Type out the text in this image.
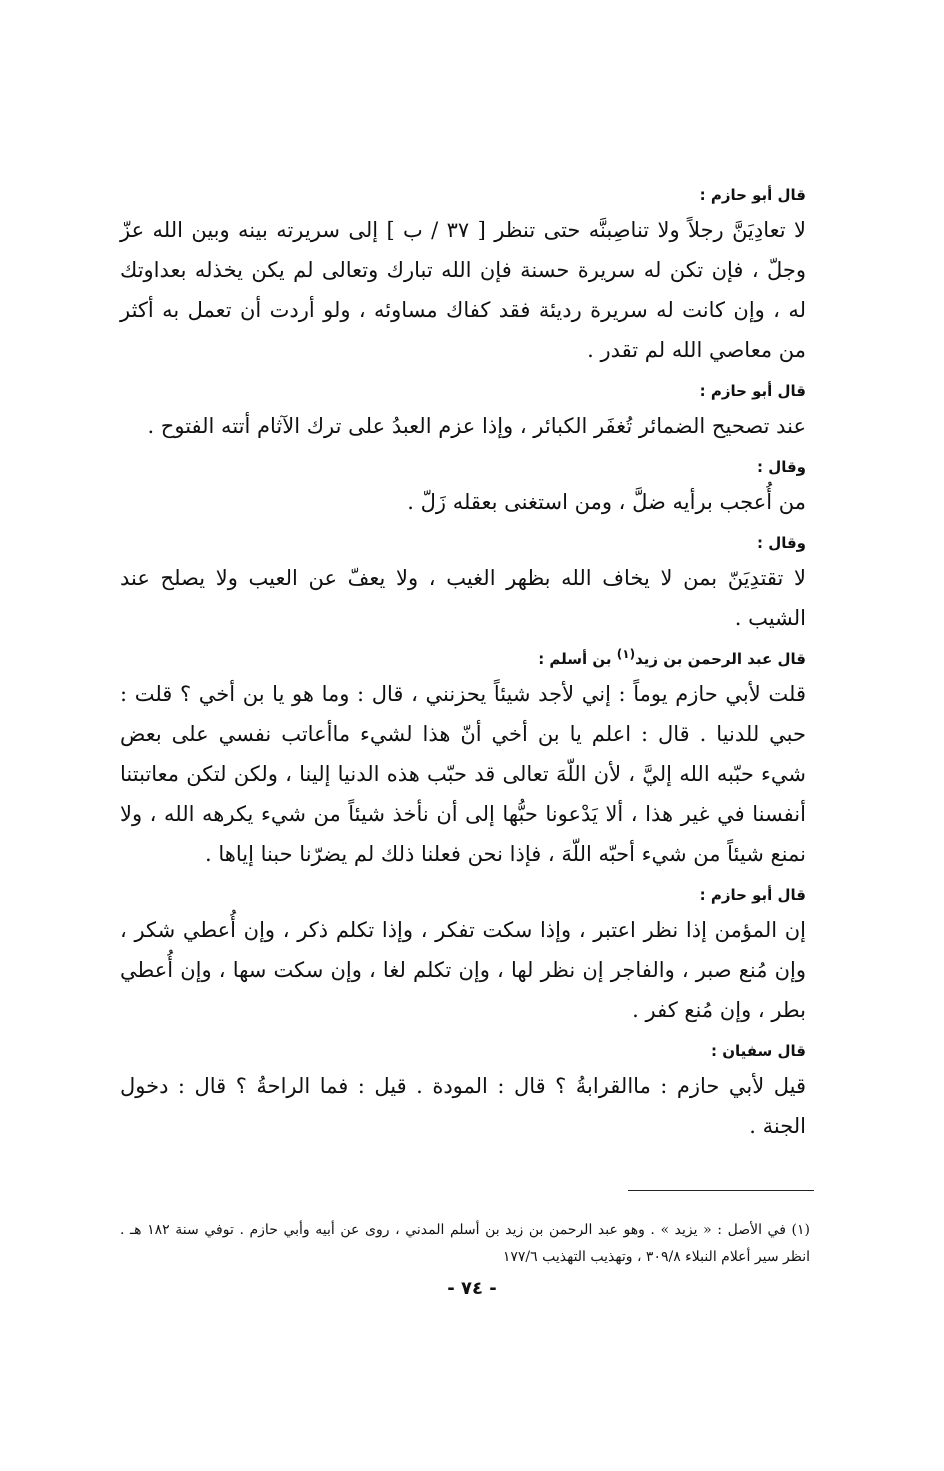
قال أبو حازم :

لا تعادِيَنَّ رجلاً ولا تناصِبنَّه حتى تنظر [ ٣٧ / ب ] إلى سريرته بينه وبين الله عزّ وجلّ ، فإن تكن له سريرة حسنة فإن الله تبارك وتعالى لم يكن يخذله بعداوتك له ، وإن كانت له سريرة رديئة فقد كفاك مساوئه ، ولو أردت أن تعمل به أكثر من معاصي الله لم تقدر .

قال أبو حازم :

عند تصحيح الضمائر تُغفَر الكبائر ، وإذا عزم العبدُ على ترك الآثام أتته الفتوح .

وقال :

من أُعجب برأيه ضلَّ ، ومن استغنى بعقله زَلّ .

وقال :

لا تقتدِيَنّ بمن لا يخاف الله بظهر الغيب ، ولا يعفّ عن العيب ولا يصلح عند الشيب .

قال عبد الرحمن بن زيد$^{(١)}$ بن أسلم :

قلت لأبي حازم يوماً : إني لأجد شيئاً يحزنني ، قال : وما هو يا بن أخي ؟ قلت : حبي للدنيا . قال : اعلم يا بن أخي أنّ هذا لشيء ماأعاتب نفسي على بعض شيء حبّبه الله إليَّ ، لأن اللّهَ تعالى قد حبّب هذه الدنيا إلينا ، ولكن لتكن معاتبتنا أنفسنا في غير هذا ، ألا يَدْعونا حبُّها إلى أن نأخذ شيئاً من شيء يكرهه الله ، ولا نمنع شيئاً من شيء أحبّه اللّهَ ، فإذا نحن فعلنا ذلك لم يضرّنا حبنا إياها .

قال أبو حازم :

إن المؤمن إذا نظر اعتبر ، وإذا سكت تفكر ، وإذا تكلم ذكر ، وإن أُعطي شكر ، وإن مُنع صبر ، والفاجر إن نظر لها ، وإن تكلم لغا ، وإن سكت سها ، وإن أُعطي بطر ، وإن مُنع كفر .

قال سفيان :

قيل لأبي حازم : ماالقرابةُ ؟ قال : المودة . قيل : فما الراحةُ ؟ قال : دخول الجنة .

(١) في الأصل : « يزيد » . وهو عبد الرحمن بن زيد بن أسلم المدني ، روى عن أبيه وأبي حازم . توفي سنة ١٨٢ هـ . انظر سير أعلام النبلاء ٣٠٩/٨ ، وتهذيب التهذيب ١٧٧/٦

- ٧٤ -
